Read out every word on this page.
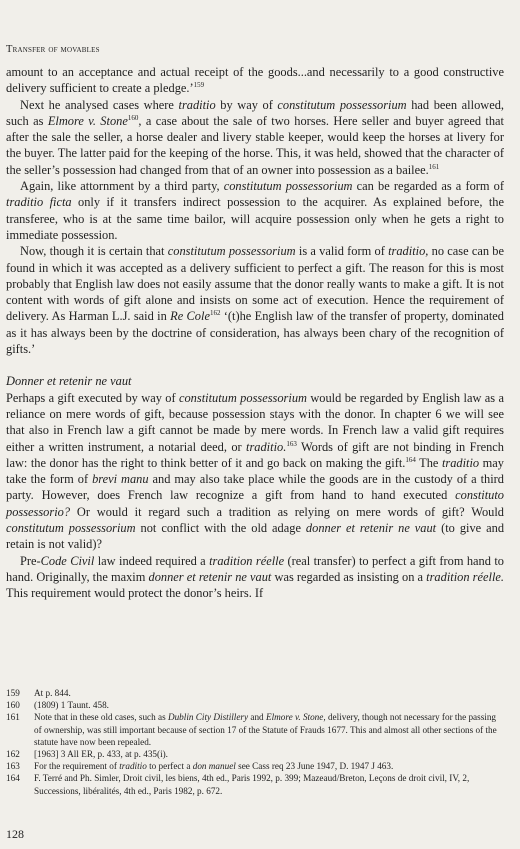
Transfer of movables

amount to an acceptance and actual receipt of the goods...and necessarily to a good constructive delivery sufficient to create a pledge.’$^{159}$

Next he analysed cases where traditio by way of constitutum possessorium had been allowed, such as Elmore v. Stone$^{160}$, a case about the sale of two horses. Here seller and buyer agreed that after the sale the seller, a horse dealer and livery stable keeper, would keep the horses at livery for the buyer. The latter paid for the keeping of the horse. This, it was held, showed that the character of the seller’s possession had changed from that of an owner into possession as a bailee.$^{161}$

Again, like attornment by a third party, constitutum possessorium can be regarded as a form of traditio ficta only if it transfers indirect possession to the acquirer. As explained before, the transferee, who is at the same time bailor, will acquire possession only when he gets a right to immediate possession.

Now, though it is certain that constitutum possessorium is a valid form of traditio, no case can be found in which it was accepted as a delivery sufficient to perfect a gift. The reason for this is most probably that English law does not easily assume that the donor really wants to make a gift. It is not content with words of gift alone and insists on some act of execution. Hence the requirement of delivery. As Harman L.J. said in Re Cole$^{162}$ ‘(t)he English law of the transfer of property, dominated as it has always been by the doctrine of consideration, has always been chary of the recognition of gifts.’

Donner et retenir ne vaut

Perhaps a gift executed by way of constitutum possessorium would be regarded by English law as a reliance on mere words of gift, because possession stays with the donor. In chapter 6 we will see that also in French law a gift cannot be made by mere words. In French law a valid gift requires either a written instrument, a notarial deed, or traditio.$^{163}$ Words of gift are not binding in French law: the donor has the right to think better of it and go back on making the gift.$^{164}$ The traditio may take the form of brevi manu and may also take place while the goods are in the custody of a third party. However, does French law recognize a gift from hand to hand executed constituto possessorio? Or would it regard such a tradition as relying on mere words of gift? Would constitutum possessorium not conflict with the old adage donner et retenir ne vaut (to give and retain is not valid)?

Pre-Code Civil law indeed required a tradition réelle (real transfer) to perfect a gift from hand to hand. Originally, the maxim donner et retenir ne vaut was regarded as insisting on a tradition réelle. This requirement would protect the donor’s heirs. If

159	At p. 844.
160	(1809) 1 Taunt. 458.
161	Note that in these old cases, such as Dublin City Distillery and Elmore v. Stone, delivery, though not necessary for the passing of ownership, was still important because of section 17 of the Statute of Frauds 1677. This and almost all other sections of the statute have now been repealed.
162	[1963] 3 All ER, p. 433, at p. 435(i).
163	For the requirement of traditio to perfect a don manuel see Cass req 23 June 1947, D. 1947 J 463.
164	F. Terré and Ph. Simler, Droit civil, les biens, 4th ed., Paris 1992, p. 399; Mazeaud/Breton, Leçons de droit civil, IV, 2, Successions, libéralités, 4th ed., Paris 1982, p. 672.
128
